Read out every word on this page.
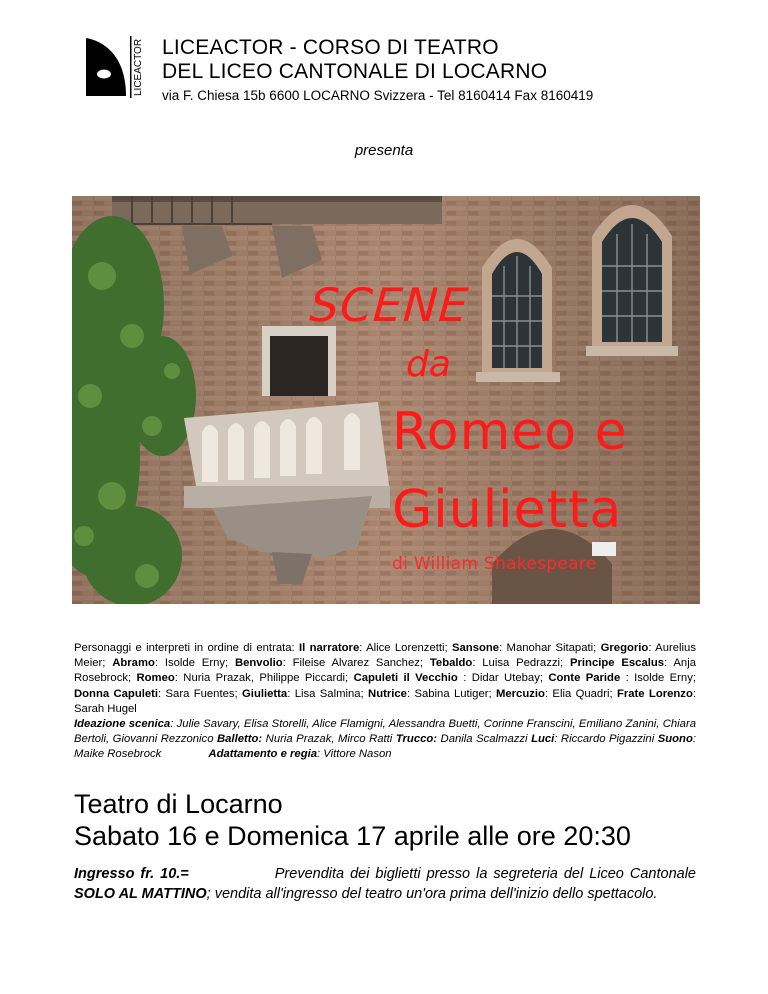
LICEACTOR LICEACTOR - CORSO DI TEATRO
DEL LICEO CANTONALE DI LOCARNO
via F. Chiesa 15b 6600 LOCARNO Svizzera - Tel 8160414 Fax 8160419
presenta
SCENE
da
Romeo e
Giulietta
di William Shakespeare
Personaggi e interpreti in ordine di entrata: Il narratore: Alice Lorenzetti; Sansone: Manohar Sitapati; Gregorio: Aurelius Meier; Abramo: Isolde Erny; Benvolio: Fileise Alvarez Sanchez; Tebaldo: Luisa Pedrazzi; Principe Escalus: Anja Rosebrock; Romeo: Nuria Prazak, Philippe Piccardi; Capuleti il Vecchio : Didar Utebay; Conte Paride : Isolde Erny; Donna Capuleti: Sara Fuentes; Giulietta: Lisa Salmina; Nutrice: Sabina Lutiger; Mercuzio: Elia Quadri; Frate Lorenzo: Sarah Hugel
Ideazione scenica: Julie Savary, Elisa Storelli, Alice Flamigni, Alessandra Buetti, Corinne Franscini, Emiliano Zanini, Chiara Bertoli, Giovanni Rezzonico Balletto: Nuria Prazak, Mirco Ratti Trucco: Danila Scalmazzi Luci: Riccardo Pigazzini Suono: Maike Rosebrock	Adattamento e regia: Vittore Nason
Teatro di Locarno
Sabato 16 e Domenica 17 aprile alle ore 20:30
Ingresso fr. 10.=	Prevendita dei biglietti presso la segreteria del Liceo Cantonale SOLO AL MATTINO; vendita all'ingresso del teatro un'ora prima dell'inizio dello spettacolo.
